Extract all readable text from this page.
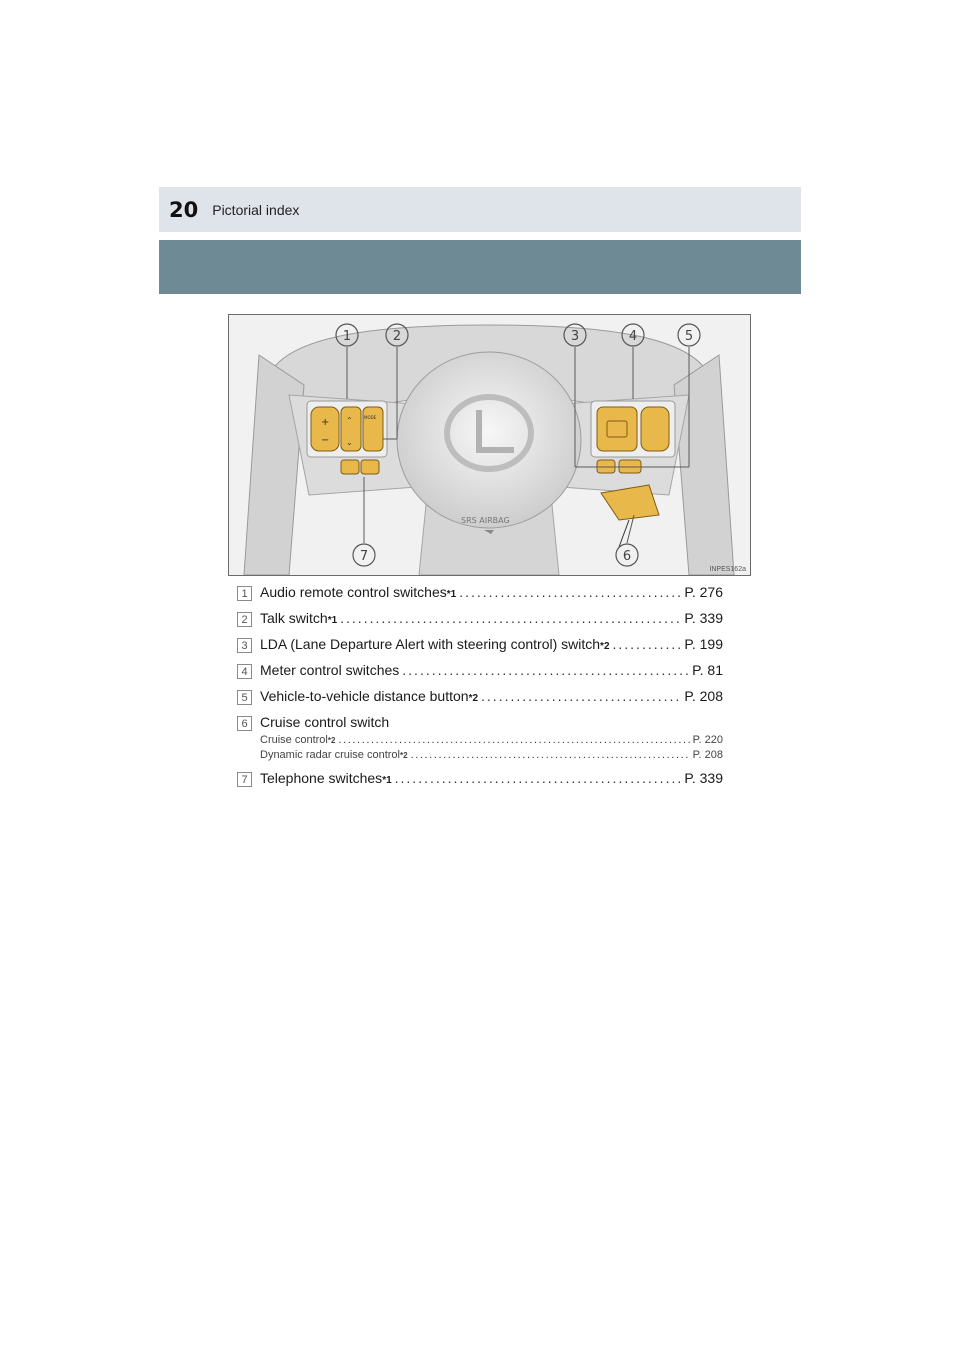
20 Pictorial index
SRS AIRBAG
+
−
⌃
⌄
MODE
1	2	3	4	5
6
7
INPES162a
1 Audio remote control switches *1 .....	P. 276
2 Talk switch *1 .....	P. 339
3 LDA (Lane Departure Alert with steering control) switch *2 .....	P. 199
4 Meter control switches .....	P. 81
5 Vehicle-to-vehicle distance button *2 .....	P. 208
6 Cruise control switch
Cruise control *2 .....	P. 220
Dynamic radar cruise control *2 .....	P. 208
7 Telephone switches *1 .....	P. 339
